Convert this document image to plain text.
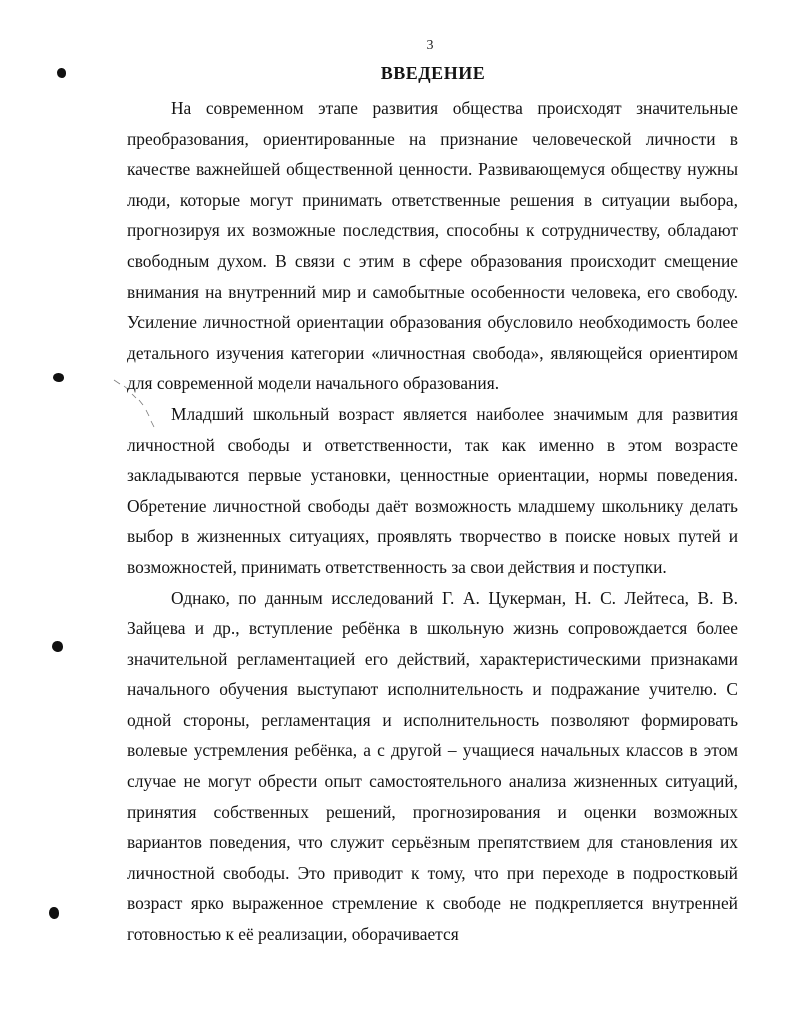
3
ВВЕДЕНИЕ

На современном этапе развития общества происходят значительные преобразования, ориентированные на признание человеческой личности в качестве важнейшей общественной ценности. Развивающемуся обществу нужны люди, которые могут принимать ответственные решения в ситуации выбора, прогнозируя их возможные последствия, способны к сотрудничеству, обладают свободным духом. В связи с этим в сфере образования происходит смещение внимания на внутренний мир и самобытные особенности человека, его свободу. Усиление личностной ориентации образования обусловило необходимость более детального изучения категории «личностная свобода», являющейся ориентиром для современной модели начального образования.

Младший школьный возраст является наиболее значимым для развития личностной свободы и ответственности, так как именно в этом возрасте закладываются первые установки, ценностные ориентации, нормы поведения. Обретение личностной свободы даёт возможность младшему школьнику делать выбор в жизненных ситуациях, проявлять творчество в поиске новых путей и возможностей, принимать ответственность за свои действия и поступки.

Однако, по данным исследований Г. А. Цукерман, Н. С. Лейтеса, В. В. Зайцева и др., вступление ребёнка в школьную жизнь сопровождается более значительной регламентацией его действий, характеристическими признаками начального обучения выступают исполнительность и подражание учителю. С одной стороны, регламентация и исполнительность позволяют формировать волевые устремления ребёнка, а с другой – учащиеся начальных классов в этом случае не могут обрести опыт самостоятельного анализа жизненных ситуаций, принятия собственных решений, прогнозирования и оценки возможных вариантов поведения, что служит серьёзным препятствием для становления их личностной свободы. Это приводит к тому, что при переходе в подростковый возраст ярко выраженное стремление к свободе не подкрепляется внутренней готовностью к её реализации, оборачивается
